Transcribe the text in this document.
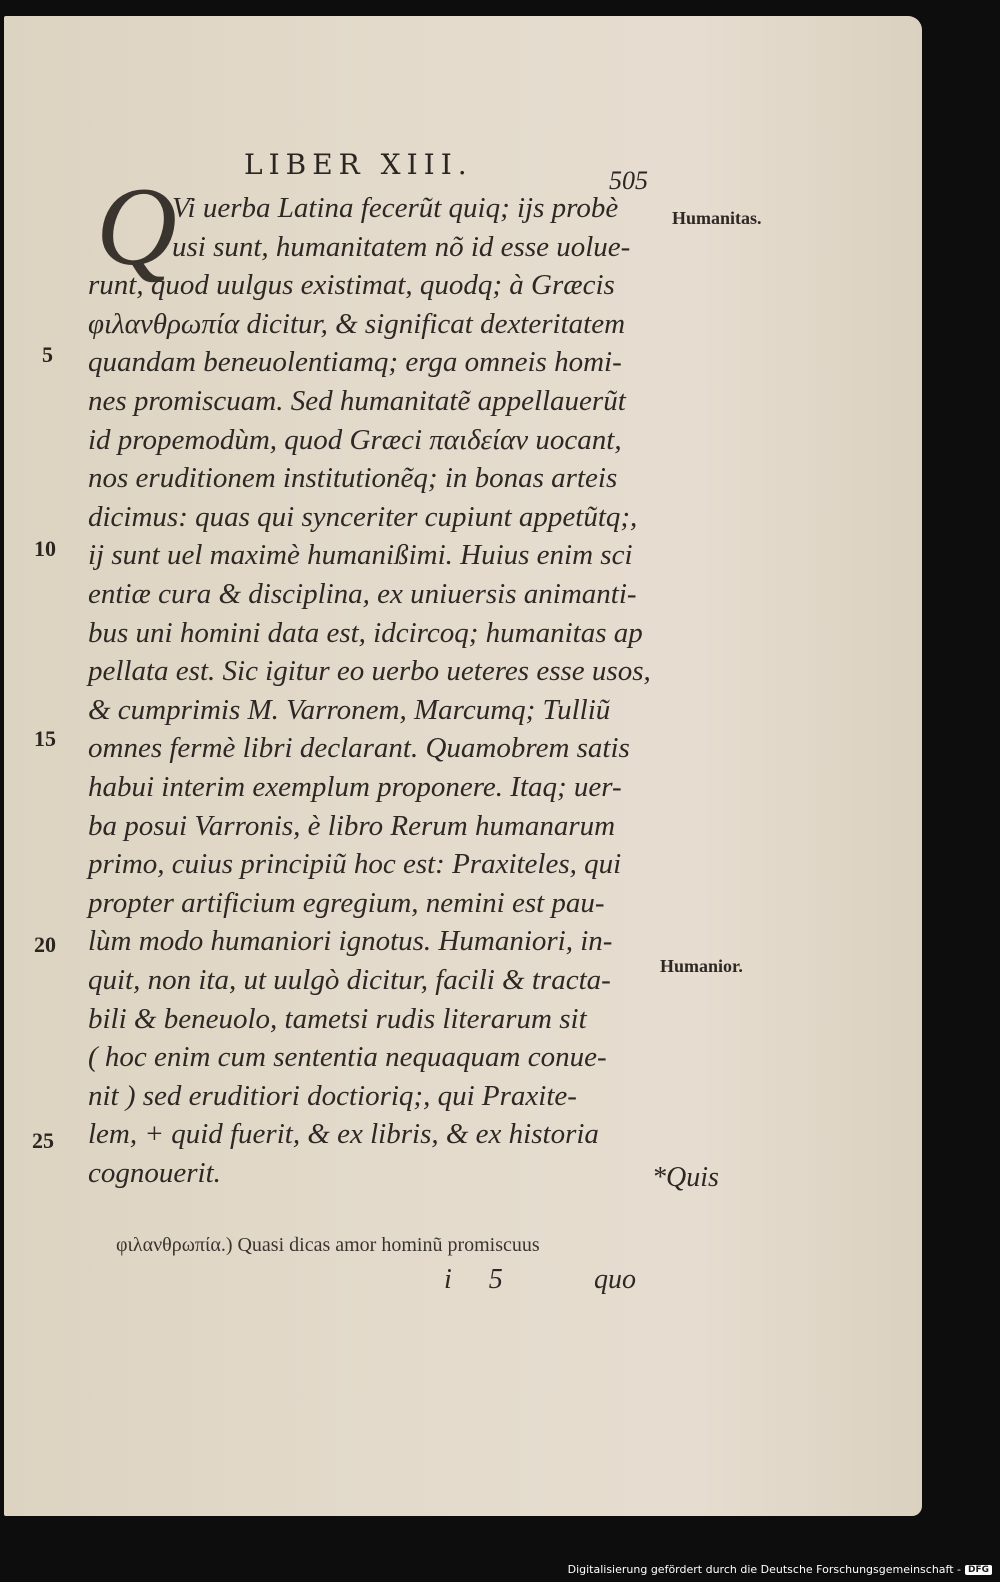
LIBER XIII.	505
Q
Vi uerba Latina fecerũt quiq; ijs probè
usi sunt, humanitatem nõ id esse uolue-
runt, quod uulgus existimat, quodq; à Græcis
φιλανθρωπία dicitur, & significat dexteritatem
quandam beneuolentiamq; erga omneis homi-
nes promiscuam. Sed humanitatẽ appellauerũt
id propemodùm, quod Græci παιδείαν uocant,
nos eruditionem institutionẽq; in bonas arteis
dicimus: quas qui synceriter cupiunt appetũtq;,
ij sunt uel maximè humanißimi. Huius enim sci
entiæ cura & disciplina, ex uniuersis animanti-
bus uni homini data est, idcircoq; humanitas ap
pellata est. Sic igitur eo uerbo ueteres esse usos,
& cumprimis M. Varronem, Marcumq; Tulliũ
omnes fermè libri declarant. Quamobrem satis
habui interim exemplum proponere. Itaq; uer-
ba posui Varronis, è libro Rerum humanarum
primo, cuius principiũ hoc est: Praxiteles, qui
propter artificium egregium, nemini est pau-
lùm modo humaniori ignotus. Humaniori, in-
quit, non ita, ut uulgò dicitur, facili & tracta-
bili & beneuolo, tametsi rudis literarum sit
( hoc enim cum sententia nequaquam conue-
nit ) sed eruditiori doctioriq;, qui Praxite-
lem, + quid fuerit, & ex libris, & ex historia
cognouerit.
5
10
15
20
25
Humanitas.
Humanior.
*Quis
φιλανθρωπία.) Quasi dicas amor hominũ promiscuus
i 5	quo
Digitalisierung gefördert durch die Deutsche Forschungsgemeinschaft - DFG
